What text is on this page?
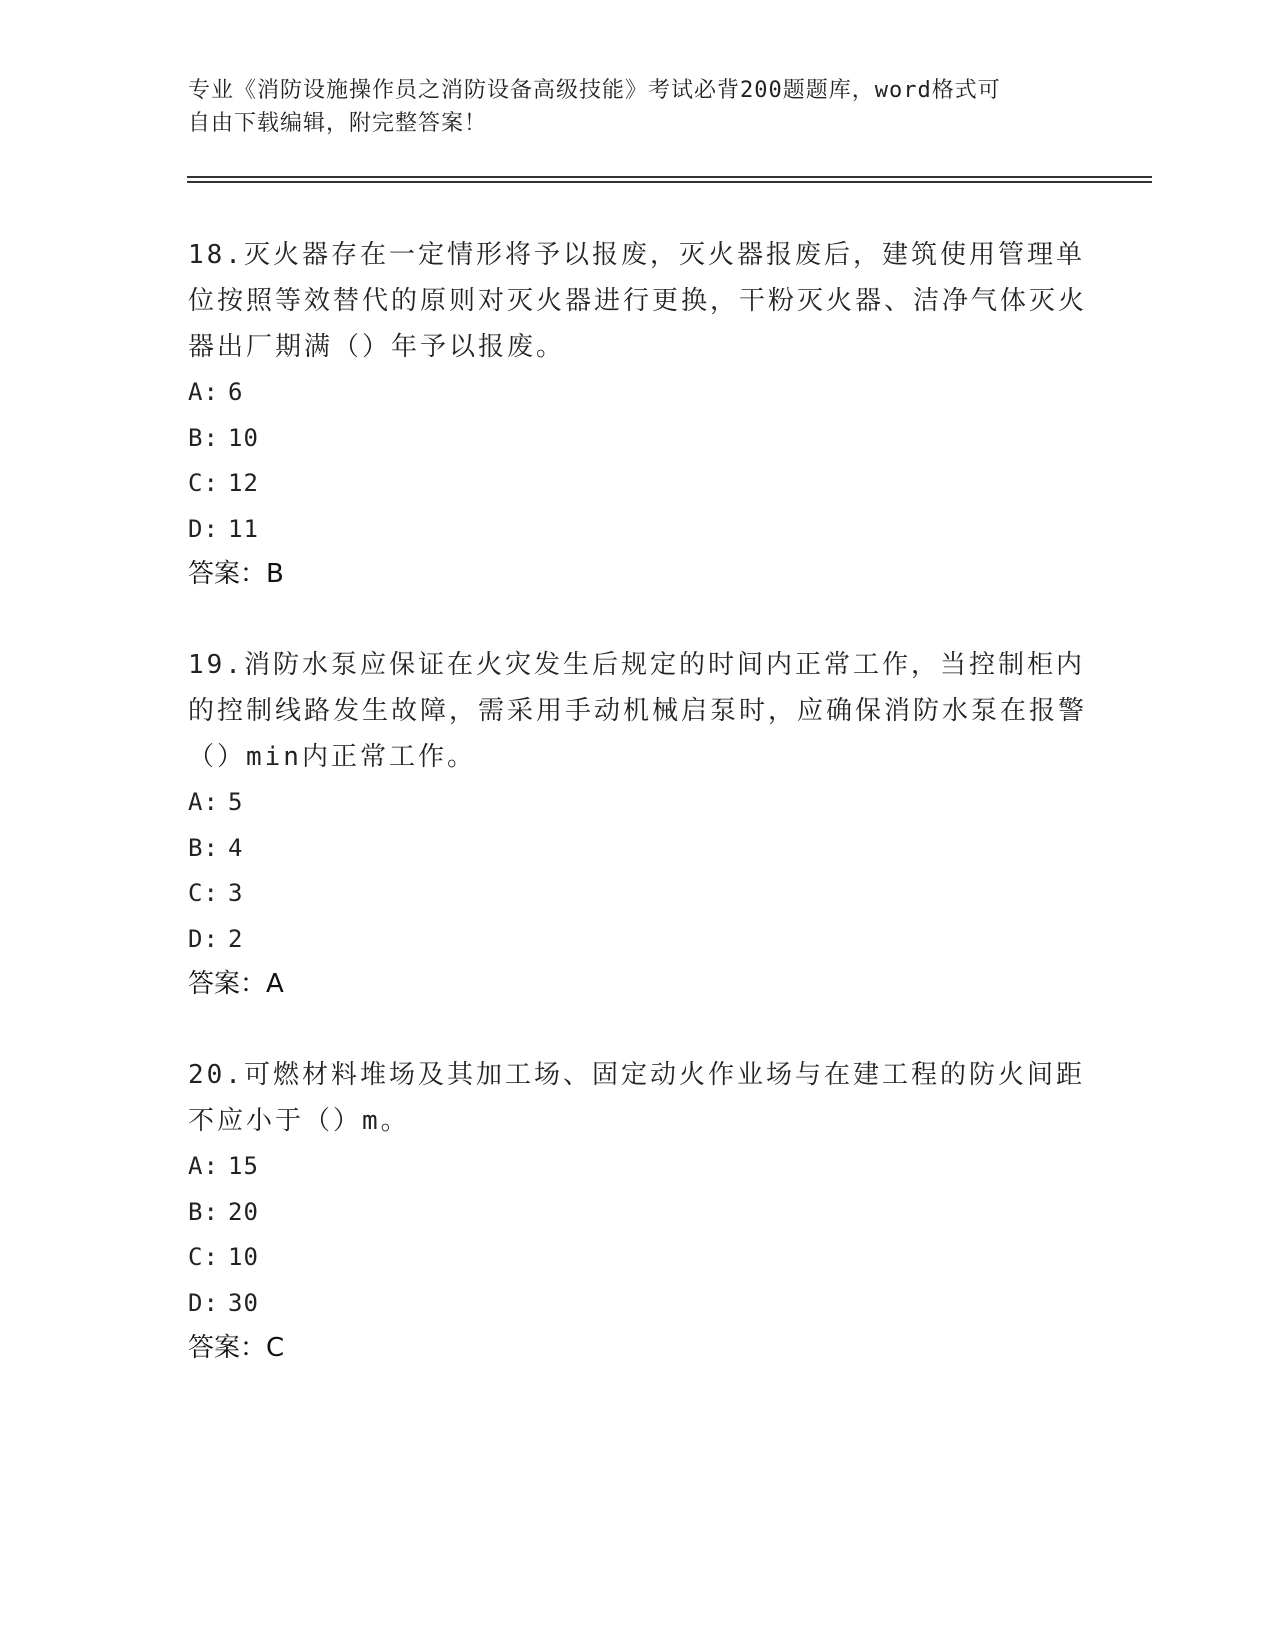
专业《消防设施操作员之消防设备高级技能》考试必背200题题库，word格式可
自由下载编辑，附完整答案！

18.灭火器存在一定情形将予以报废，灭火器报废后，建筑使用管理单位按照等效替代的原则对灭火器进行更换，干粉灭火器、洁净气体灭火器出厂期满（）年予以报废。

A: 6

B: 10

C: 12

D: 11

答案：B

19.消防水泵应保证在火灾发生后规定的时间内正常工作，当控制柜内的控制线路发生故障，需采用手动机械启泵时，应确保消防水泵在报警（）min内正常工作。

A: 5

B: 4

C: 3

D: 2

答案：A

20.可燃材料堆场及其加工场、固定动火作业场与在建工程的防火间距不应小于（）m。

A: 15

B: 20

C: 10

D: 30

答案：C
